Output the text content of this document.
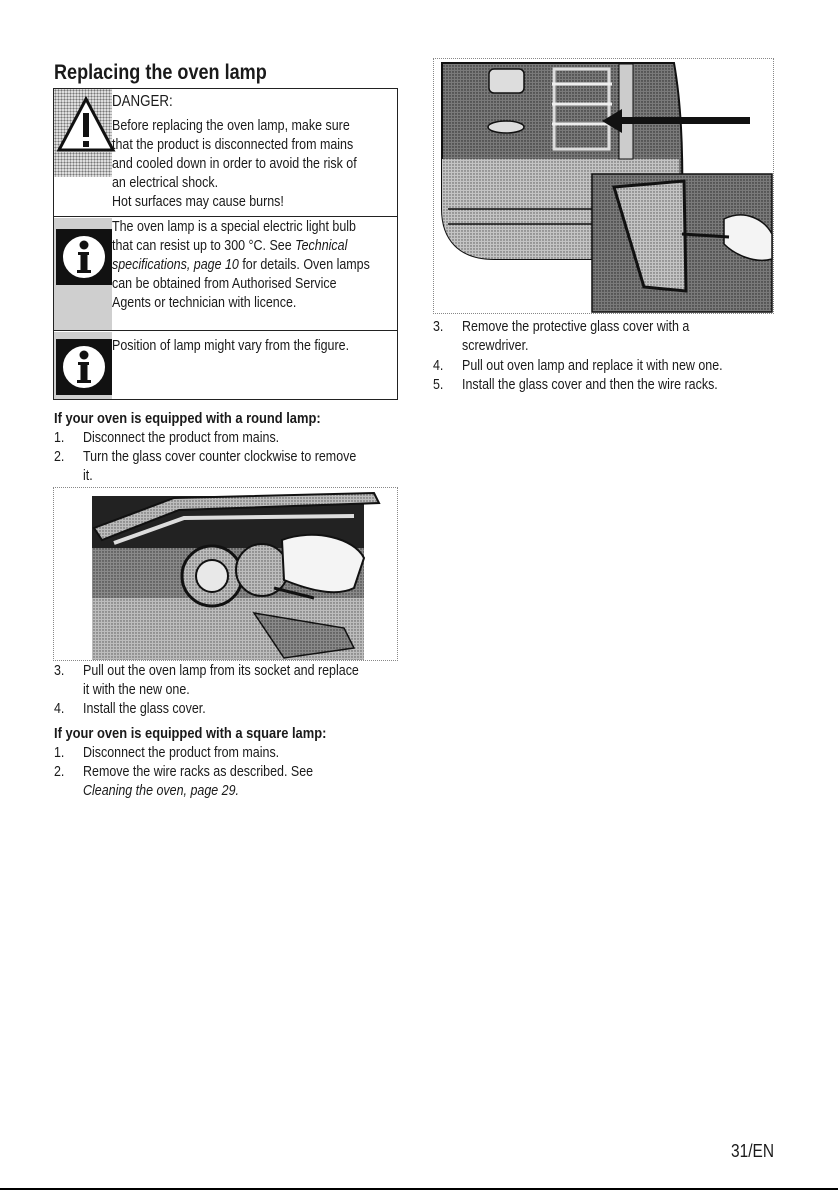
Replacing the oven lamp
DANGER:
Before replacing the oven lamp, make sure
that the product is disconnected from mains
and cooled down in order to avoid the risk of
an electrical shock.
Hot surfaces may cause burns!
The oven lamp is a special electric light bulb
that can resist up to 300 °C. See Technical
specifications, page 10 for details. Oven lamps
can be obtained from Authorised Service
Agents or technician with licence.
Position of lamp might vary from the figure.
If your oven is equipped with a round lamp:
1. Disconnect the product from mains.
2. Turn the glass cover counter clockwise to remove
it.
3. Pull out the oven lamp from its socket and replace
it with the new one.
4. Install the glass cover.
If your oven is equipped with a square lamp:
1. Disconnect the product from mains.
2. Remove the wire racks as described. See
Cleaning the oven, page 29.
3. Remove the protective glass cover with a
screwdriver.
4. Pull out oven lamp and replace it with new one.
5. Install the glass cover and then the wire racks.
31/EN
